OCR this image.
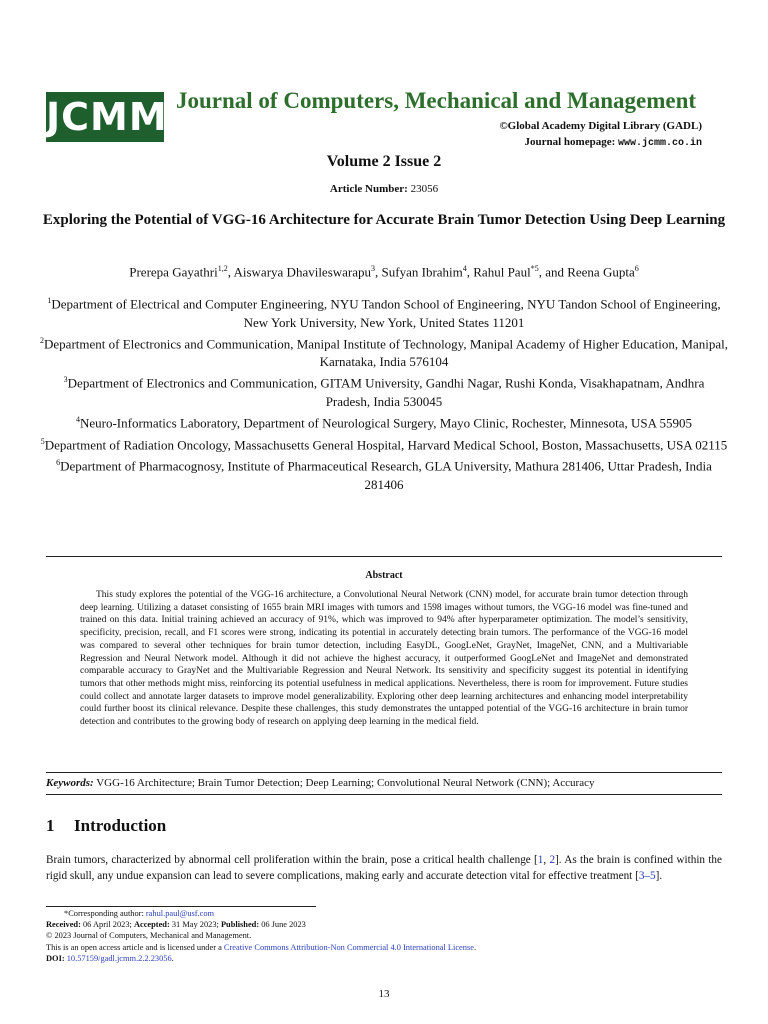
JCMM Journal of Computers, Mechanical and Management
©Global Academy Digital Library (GADL)
Journal homepage: www.jcmm.co.in
Volume 2 Issue 2
Article Number: 23056
Exploring the Potential of VGG-16 Architecture for Accurate Brain Tumor Detection Using Deep Learning
Prerepa Gayathri$^{1,2}$, Aiswarya Dhavileswarapu$^3$, Sufyan Ibrahim$^4$, Rahul Paul$^{*5}$, and Reena Gupta$^6$

$^1$Department of Electrical and Computer Engineering, NYU Tandon School of Engineering, NYU Tandon School of Engineering, New York University, New York, United States 11201

$^2$Department of Electronics and Communication, Manipal Institute of Technology, Manipal Academy of Higher Education, Manipal, Karnataka, India 576104

$^3$Department of Electronics and Communication, GITAM University, Gandhi Nagar, Rushi Konda, Visakhapatnam, Andhra Pradesh, India 530045

$^4$Neuro-Informatics Laboratory, Department of Neurological Surgery, Mayo Clinic, Rochester, Minnesota, USA 55905

$^5$Department of Radiation Oncology, Massachusetts General Hospital, Harvard Medical School, Boston, Massachusetts, USA 02115

$^6$Department of Pharmacognosy, Institute of Pharmaceutical Research, GLA University, Mathura 281406, Uttar Pradesh, India 281406

Abstract
This study explores the potential of the VGG-16 architecture, a Convolutional Neural Network (CNN) model, for accurate brain tumor detection through deep learning. Utilizing a dataset consisting of 1655 brain MRI images with tumors and 1598 images without tumors, the VGG-16 model was fine-tuned and trained on this data. Initial training achieved an accuracy of 91%, which was improved to 94% after hyperparameter optimization. The model’s sensitivity, specificity, precision, recall, and F1 scores were strong, indicating its potential in accurately detecting brain tumors. The performance of the VGG-16 model was compared to several other techniques for brain tumor detection, including EasyDL, GoogLeNet, GrayNet, ImageNet, CNN, and a Multivariable Regression and Neural Network model. Although it did not achieve the highest accuracy, it outperformed GoogLeNet and ImageNet and demonstrated comparable accuracy to GrayNet and the Multivariable Regression and Neural Network. Its sensitivity and specificity suggest its potential in identifying tumors that other methods might miss, reinforcing its potential usefulness in medical applications. Nevertheless, there is room for improvement. Future studies could collect and annotate larger datasets to improve model generalizability. Exploring other deep learning architectures and enhancing model interpretability could further boost its clinical relevance. Despite these challenges, this study demonstrates the untapped potential of the VGG-16 architecture in brain tumor detection and contributes to the growing body of research on applying deep learning in the medical field.
Keywords: VGG-16 Architecture; Brain Tumor Detection; Deep Learning; Convolutional Neural Network (CNN); Accuracy
1 Introduction
Brain tumors, characterized by abnormal cell proliferation within the brain, pose a critical health challenge [1, 2]. As the brain is confined within the rigid skull, any undue expansion can lead to severe complications, making early and accurate detection vital for effective treatment [3–5].
*Corresponding author: rahul.paul@usf.com
Received: 06 April 2023; Accepted: 31 May 2023; Published: 06 June 2023
© 2023 Journal of Computers, Mechanical and Management.
This is an open access article and is licensed under a Creative Commons Attribution-Non Commercial 4.0 International License.
DOI: 10.57159/gadl.jcmm.2.2.23056.
13
